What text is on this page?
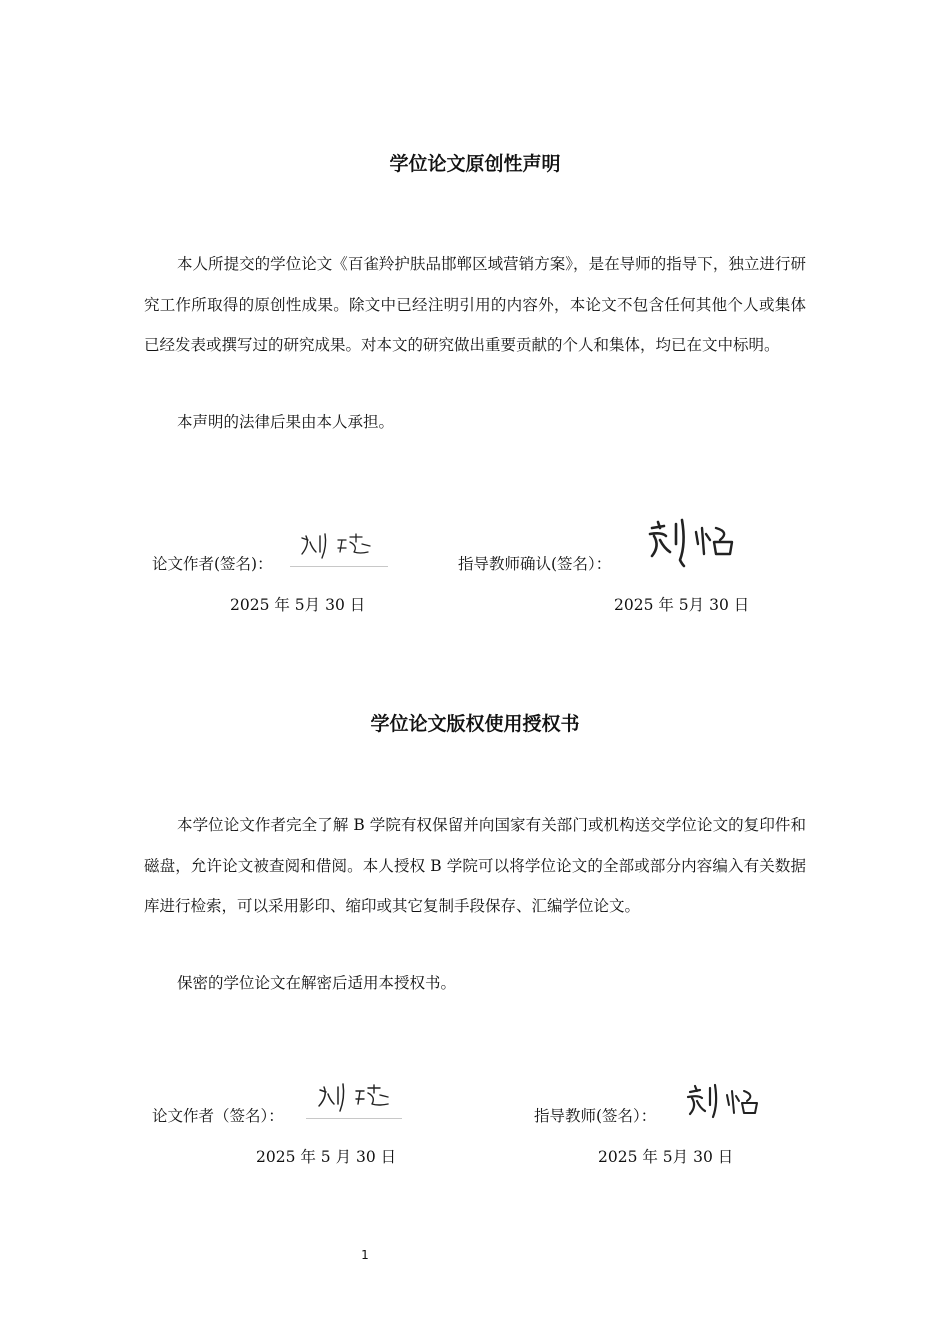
学位论文原创性声明

本人所提交的学位论文《百雀羚护肤品邯郸区域营销方案》，是在导师的指导下，独立进行研究工作所取得的原创性成果。除文中已经注明引用的内容外，本论文不包含任何其他个人或集体已经发表或撰写过的研究成果。对本文的研究做出重要贡献的个人和集体，均已在文中标明。

本声明的法律后果由本人承担。

论文作者(签名)：	指导教师确认(签名）：
2025 年 5月 30 日	2025 年 5月 30 日
学位论文版权使用授权书

本学位论文作者完全了解 B 学院有权保留并向国家有关部门或机构送交学位论文的复印件和磁盘，允许论文被查阅和借阅。本人授权 B 学院可以将学位论文的全部或部分内容编入有关数据库进行检索，可以采用影印、缩印或其它复制手段保存、汇编学位论文。

保密的学位论文在解密后适用本授权书。

论文作者（签名）：	指导教师(签名）：
2025 年 5 月 30 日	2025 年 5月 30 日
1
